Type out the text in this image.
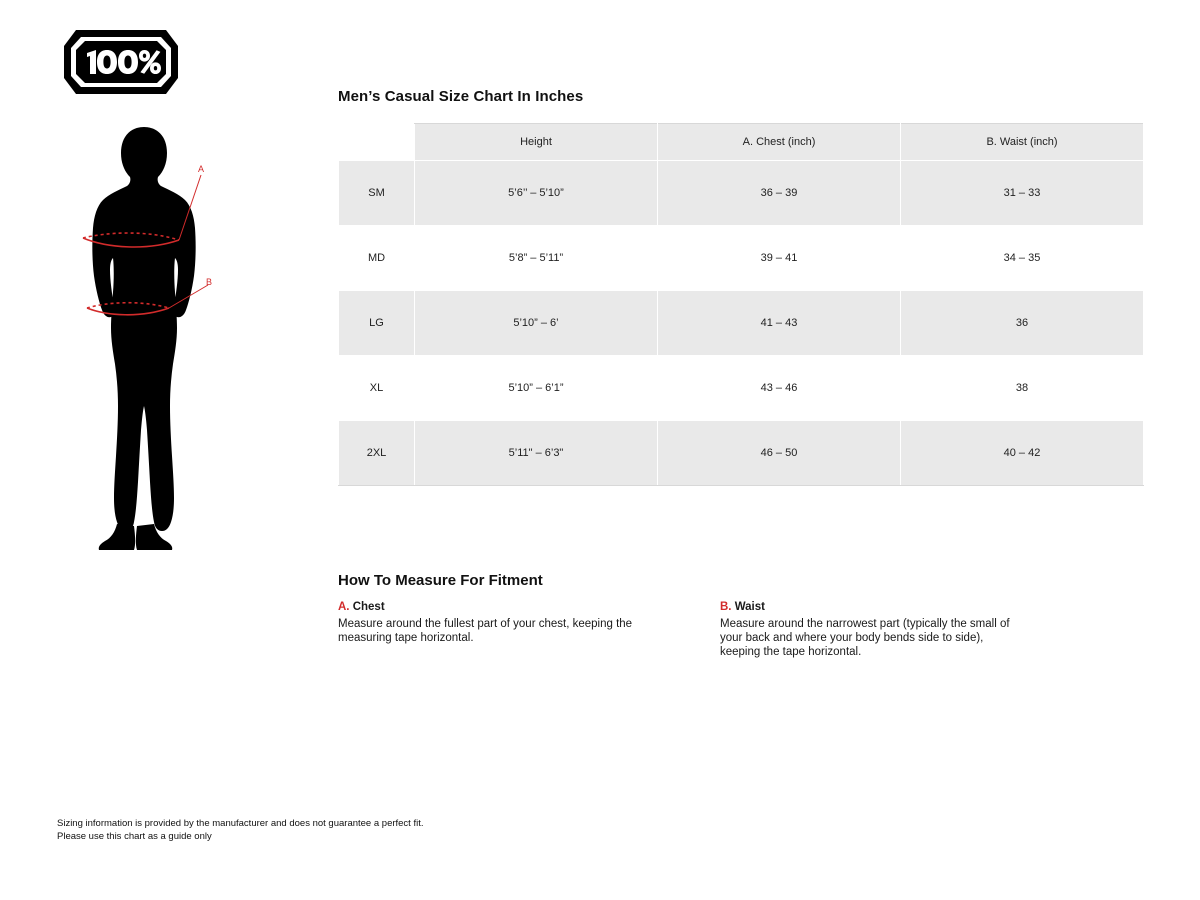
A
B
Men’s Casual Size Chart In Inches
	Height	A. Chest (inch)	B. Waist (inch)
SM	5’6’’ – 5’10”	36 – 39	31 – 33
MD	5’8” – 5’11”	39 – 41	34 – 35
LG	5’10” – 6’	41 – 43	36
XL	5’10” – 6’1”	43 – 46	38
2XL	5’11" – 6’3"	46 – 50	40 – 42
How To Measure For Fitment
A. Chest
Measure around the fullest part of your chest, keeping the measuring tape horizontal.
B. Waist
Measure around the narrowest part (typically the small of your back and where your body bends side to side), keeping the tape horizontal.
Sizing information is provided by the manufacturer and does not guarantee a perfect fit.
Please use this chart as a guide only
